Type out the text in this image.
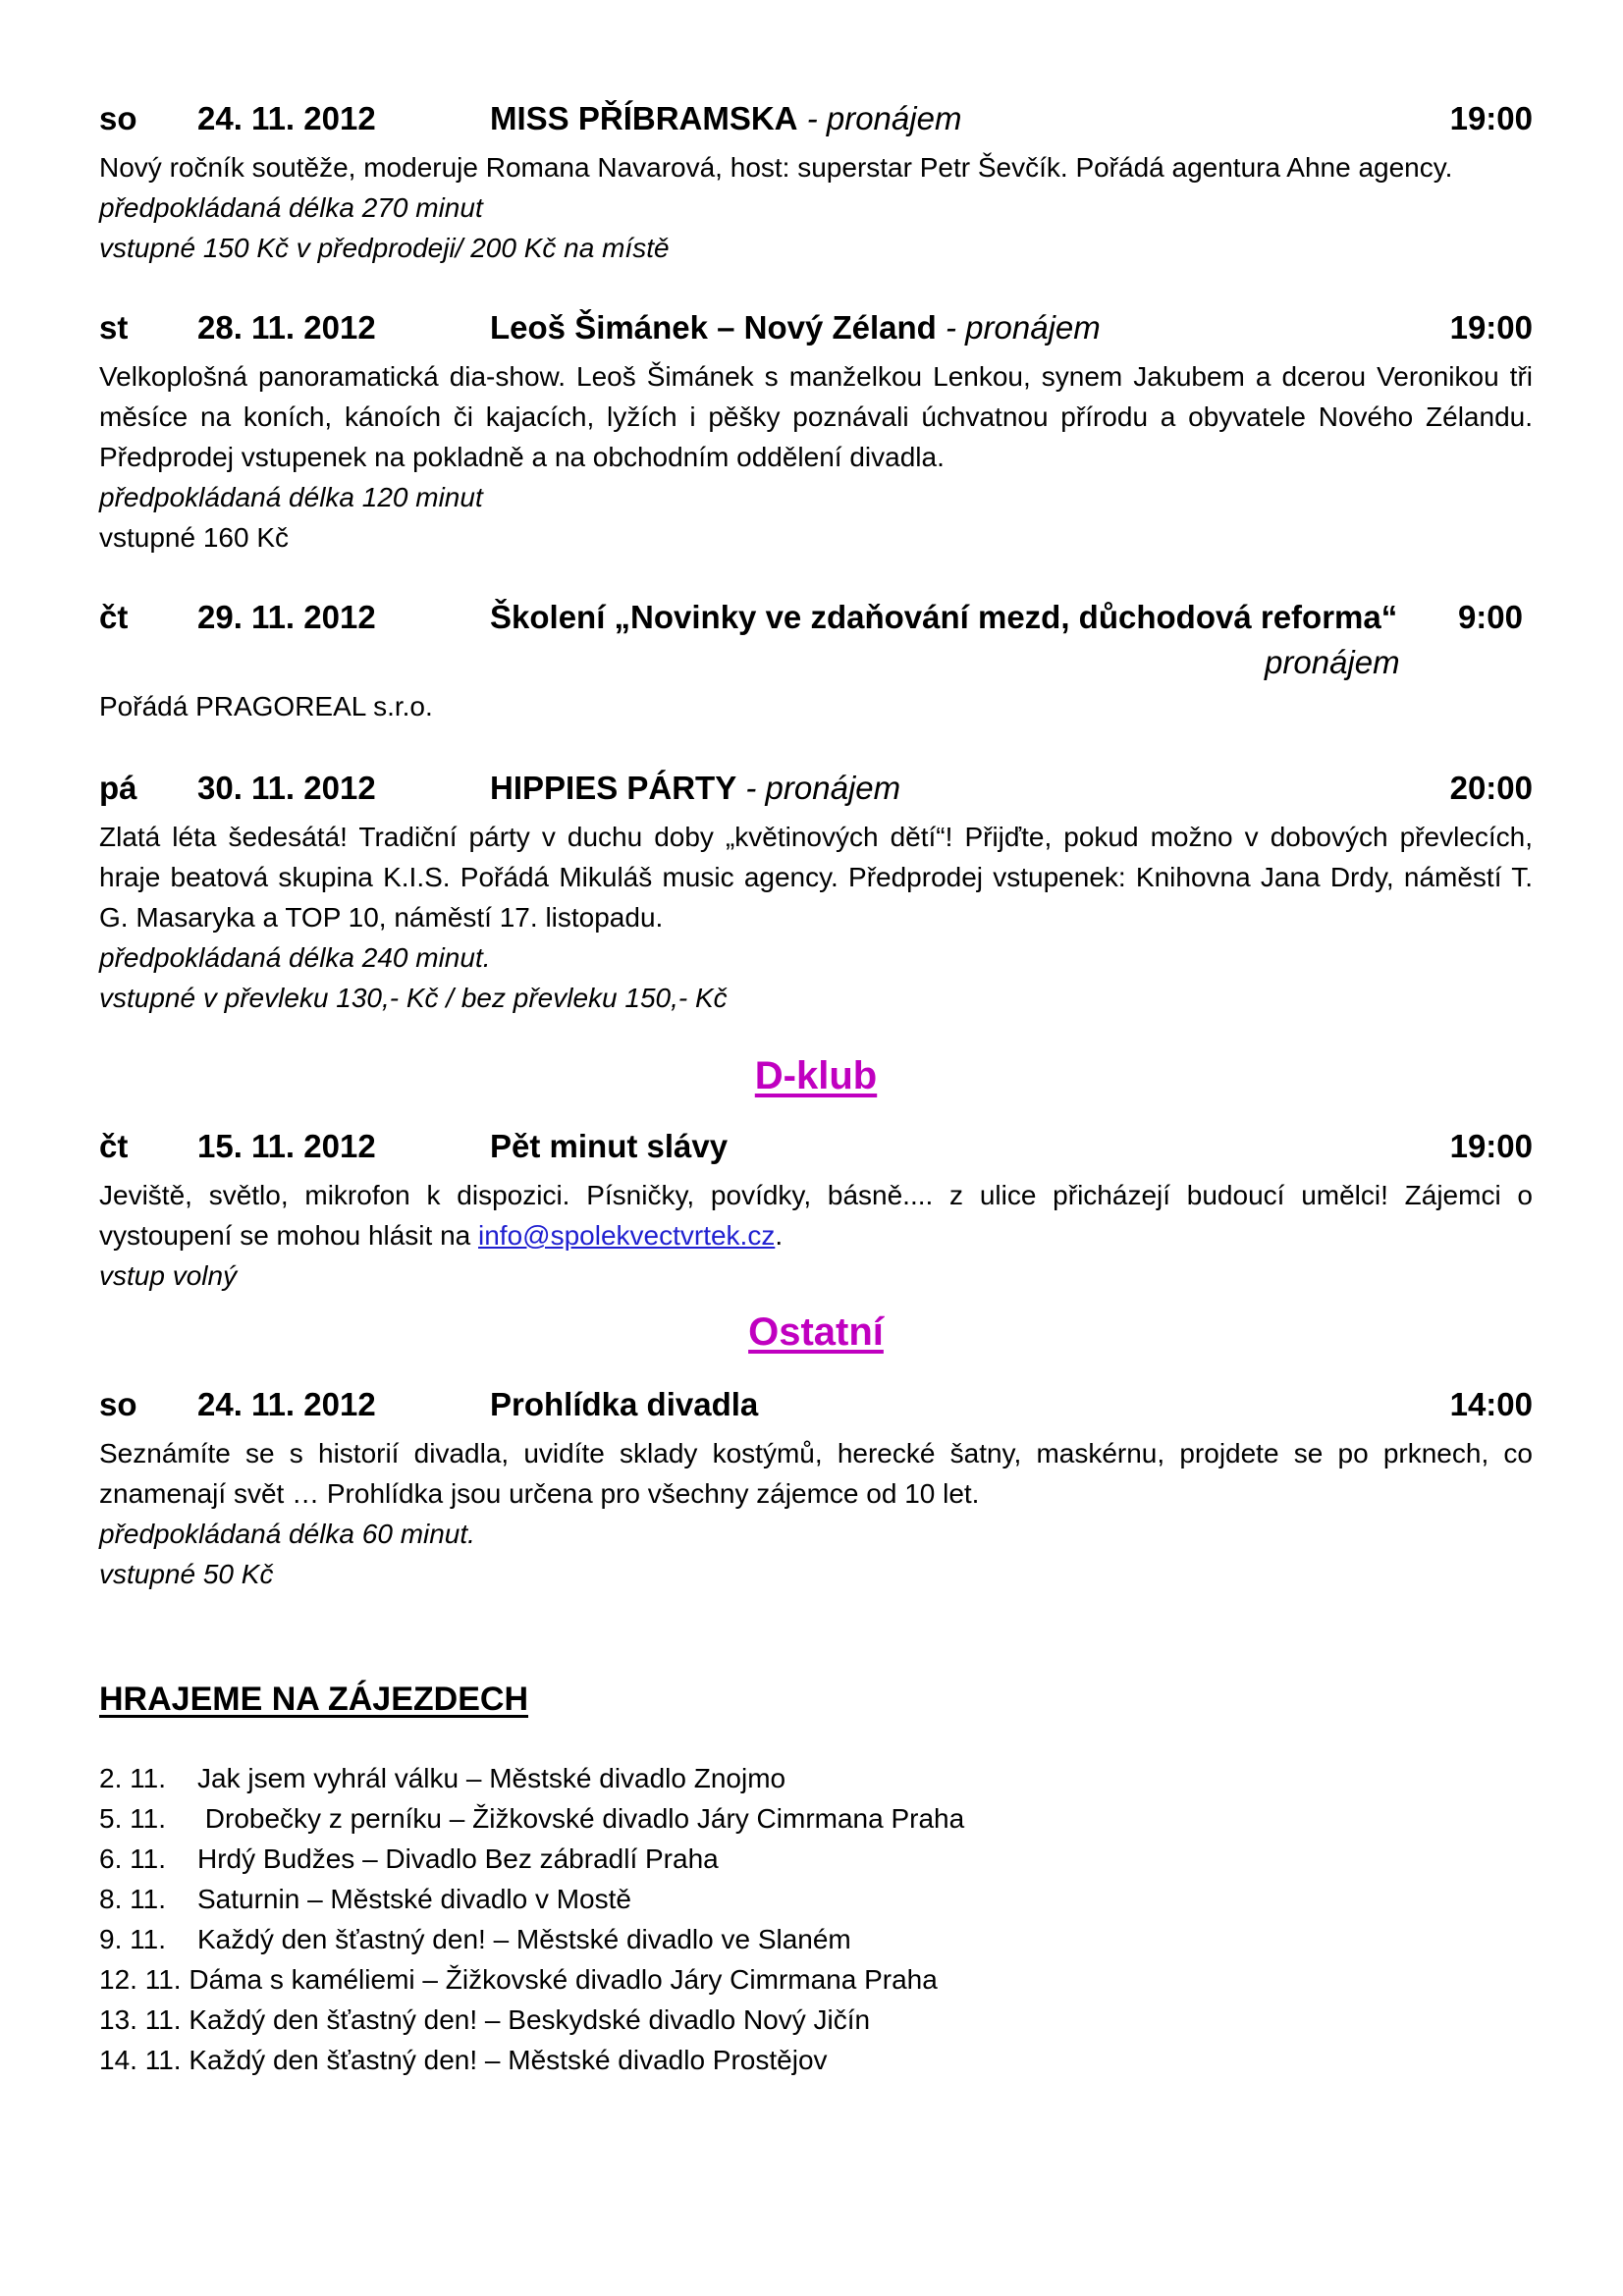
so 24. 11. 2012	MISS PŘÍBRAMSKA - pronájem	19:00
Nový ročník soutěže, moderuje Romana Navarová, host: superstar Petr Ševčík. Pořádá agentura Ahne agency.
předpokládaná délka 270 minut
vstupné 150 Kč v předprodeji/ 200 Kč na místě
st 28. 11. 2012	Leoš Šimánek – Nový Zéland - pronájem	19:00
Velkoplošná panoramatická dia-show. Leoš Šimánek s manželkou Lenkou, synem Jakubem a dcerou Veronikou tři měsíce na koních, kánoích či kajacích, lyžích i pěšky poznávali úchvatnou přírodu a obyvatele Nového Zélandu. Předprodej vstupenek na pokladně a na obchodním oddělení divadla.
předpokládaná délka 120 minut
vstupné 160 Kč
čt 29. 11. 2012	Školení „Novinky ve zdaňování mezd, důchodová reforma“ 9:00
pronájem
Pořádá PRAGOREAL s.r.o.
pá 30. 11. 2012	HIPPIES PÁRTY - pronájem	20:00
Zlatá léta šedesátá! Tradiční párty v duchu doby „květinových dětí“! Přijďte, pokud možno v dobových převlecích, hraje beatová skupina K.I.S. Pořádá Mikuláš music agency. Předprodej vstupenek: Knihovna Jana Drdy, náměstí T. G. Masaryka a TOP 10, náměstí 17. listopadu.
předpokládaná délka 240 minut.
vstupné v převleku 130,- Kč / bez převleku 150,- Kč
D-klub
čt 15. 11. 2012	Pět minut slávy	19:00
Jeviště, světlo, mikrofon k dispozici. Písničky, povídky, básně.... z ulice přicházejí budoucí umělci! Zájemci o vystoupení se mohou hlásit na info@spolekvectvrtek.cz.
vstup volný
Ostatní
so 24. 11. 2012	Prohlídka divadla	14:00
Seznámíte se s historií divadla, uvidíte sklady kostýmů, herecké šatny, maskérnu, projdete se po prknech, co znamenají svět … Prohlídka jsou určena pro všechny zájemce od 10 let.
předpokládaná délka 60 minut.
vstupné 50 Kč
HRAJEME NA ZÁJEZDECH
2. 11. Jak jsem vyhrál válku – Městské divadlo Znojmo
5. 11. Drobečky z perníku – Žižkovské divadlo Járy Cimrmana Praha
6. 11. Hrdý Budžes – Divadlo Bez zábradlí Praha
8. 11. Saturnin – Městské divadlo v Mostě
9. 11. Každý den šťastný den! – Městské divadlo ve Slaném
12. 11. Dáma s kaméliemi – Žižkovské divadlo Járy Cimrmana Praha
13. 11. Každý den šťastný den! – Beskydské divadlo Nový Jičín
14. 11. Každý den šťastný den! – Městské divadlo Prostějov
